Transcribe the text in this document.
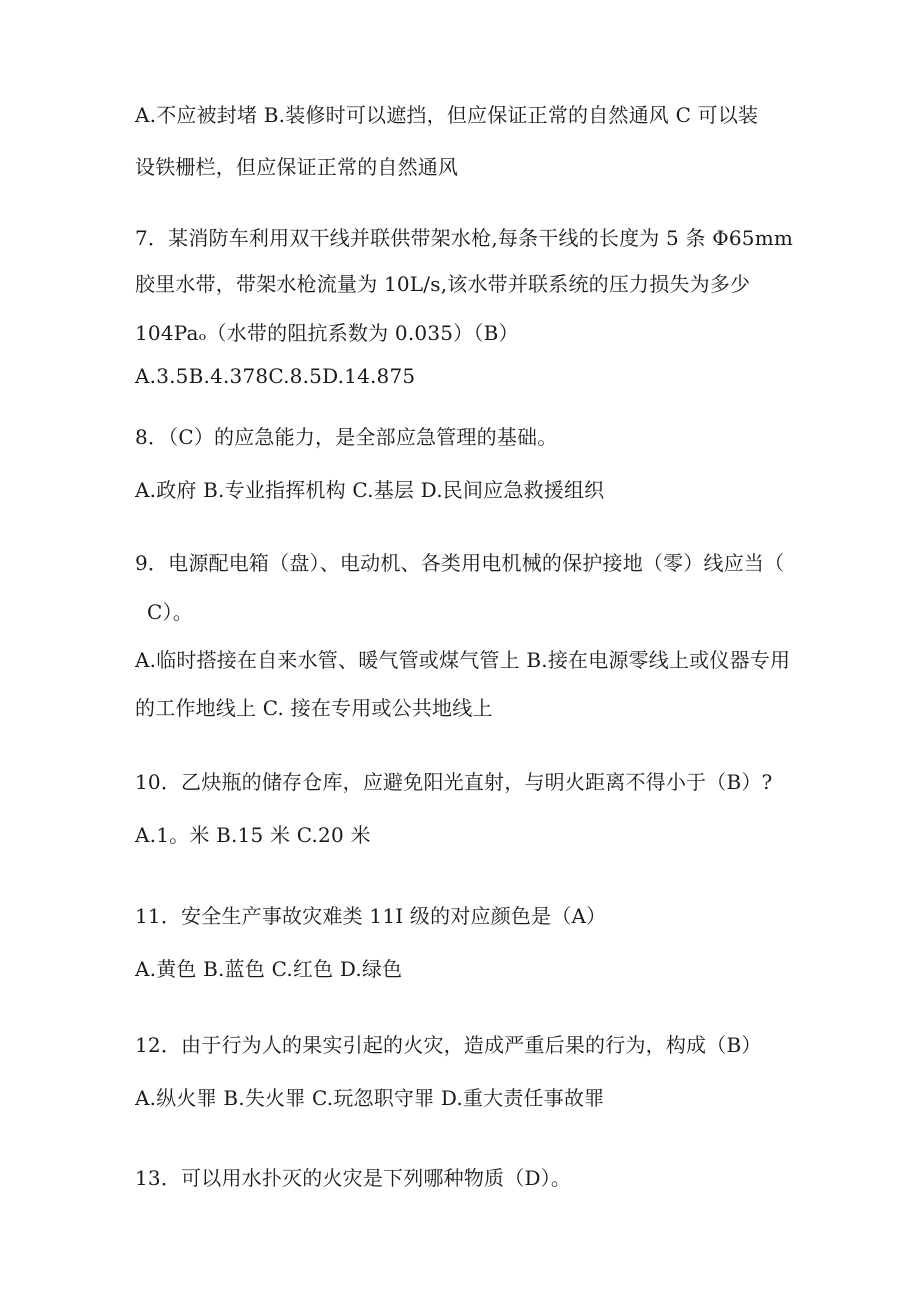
A.不应被封堵 B.装修时可以遮挡，但应保证正常的自然通风 C 可以装
设铁栅栏，但应保证正常的自然通风
7．某消防车利用双干线并联供带架水枪,每条干线的长度为 5 条 Φ65mm
胶里水带，带架水枪流量为 10L∕s,该水带并联系统的压力损失为多少
104Paₒ（水带的阻抗系数为 0.035）（B）
A.3.5B.4.378C.8.5D.14.875
8．（C）的应急能力，是全部应急管理的基础。
A.政府 B.专业指挥机构 C.基层 D.民间应急救援组织
9．电源配电箱（盘）、电动机、各类用电机械的保护接地（零）线应当（
C）。
A.临时搭接在自来水管、暖气管或煤气管上 B.接在电源零线上或仪器专用
的工作地线上 C. 接在专用或公共地线上
10．乙炔瓶的储存仓库，应避免阳光直射，与明火距离不得小于（B）?
A.1。米 B.15 米 C.20 米
11．安全生产事故灾难类 11I 级的对应颜色是（A）
A.黄色 B.蓝色 C.红色 D.绿色
12．由于行为人的果实引起的火灾，造成严重后果的行为，构成（B）
A.纵火罪 B.失火罪 C.玩忽职守罪 D.重大责任事故罪
13．可以用水扑灭的火灾是下列哪种物质（D）。
